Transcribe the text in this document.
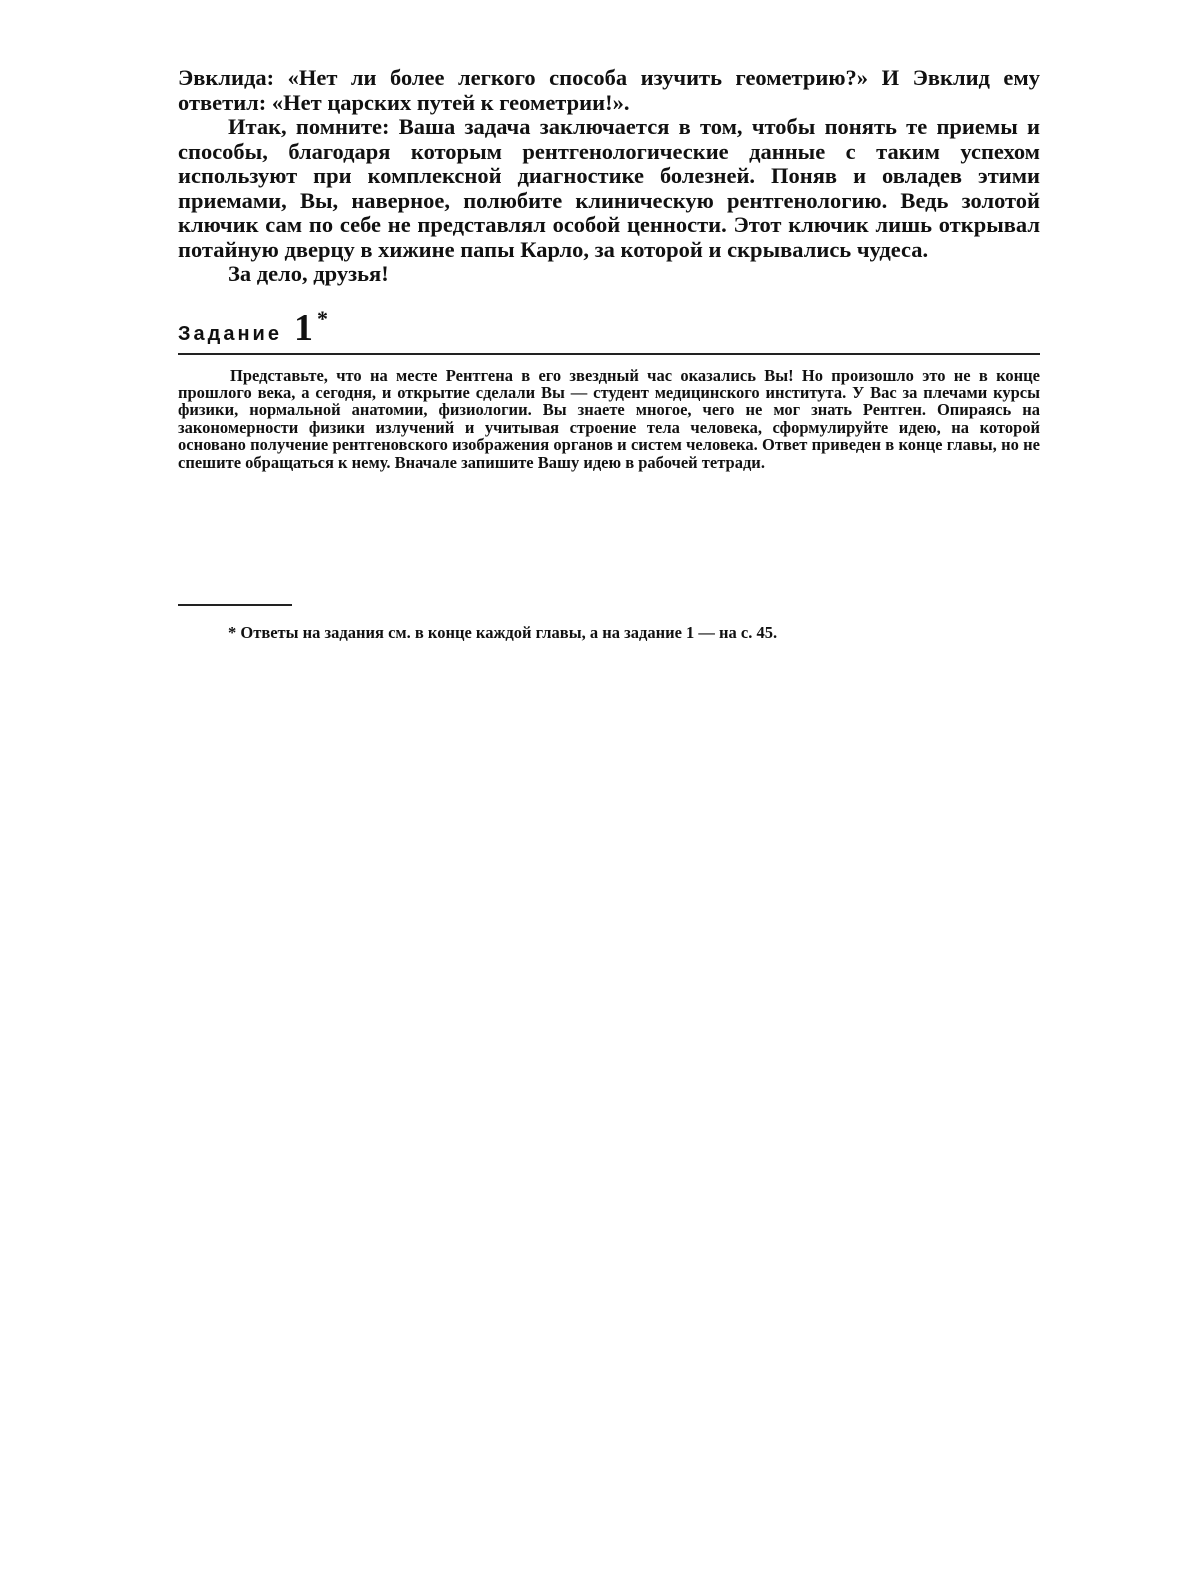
Эвклида: «Нет ли более легкого способа изучить геометрию?» И Эвклид ему ответил: «Нет царских путей к геометрии!».

Итак, помните: Ваша задача заключается в том, чтобы понять те приемы и способы, благодаря которым рентгенологические данные с таким успехом используют при комплексной диагностике болезней. Поняв и овладев этими приемами, Вы, наверное, полюбите клиническую рентгенологию. Ведь золотой ключик сам по себе не представлял особой ценности. Этот ключик лишь открывал потайную дверцу в хижине папы Карло, за которой и скрывались чудеса.

За дело, друзья!

Задание 1 *

Представьте, что на месте Рентгена в его звездный час оказались Вы! Но произошло это не в конце прошлого века, а сегодня, и открытие сделали Вы — студент медицинского института. У Вас за плечами курсы физики, нормальной анатомии, физиологии. Вы знаете многое, чего не мог знать Рентген. Опираясь на закономерности физики излучений и учитывая строение тела человека, сформулируйте идею, на которой основано получение рентгеновского изображения органов и систем человека. Ответ приведен в конце главы, но не спешите обращаться к нему. Вначале запишите Вашу идею в рабочей тетради.

* Ответы на задания см. в конце каждой главы, а на задание 1 — на с. 45.
